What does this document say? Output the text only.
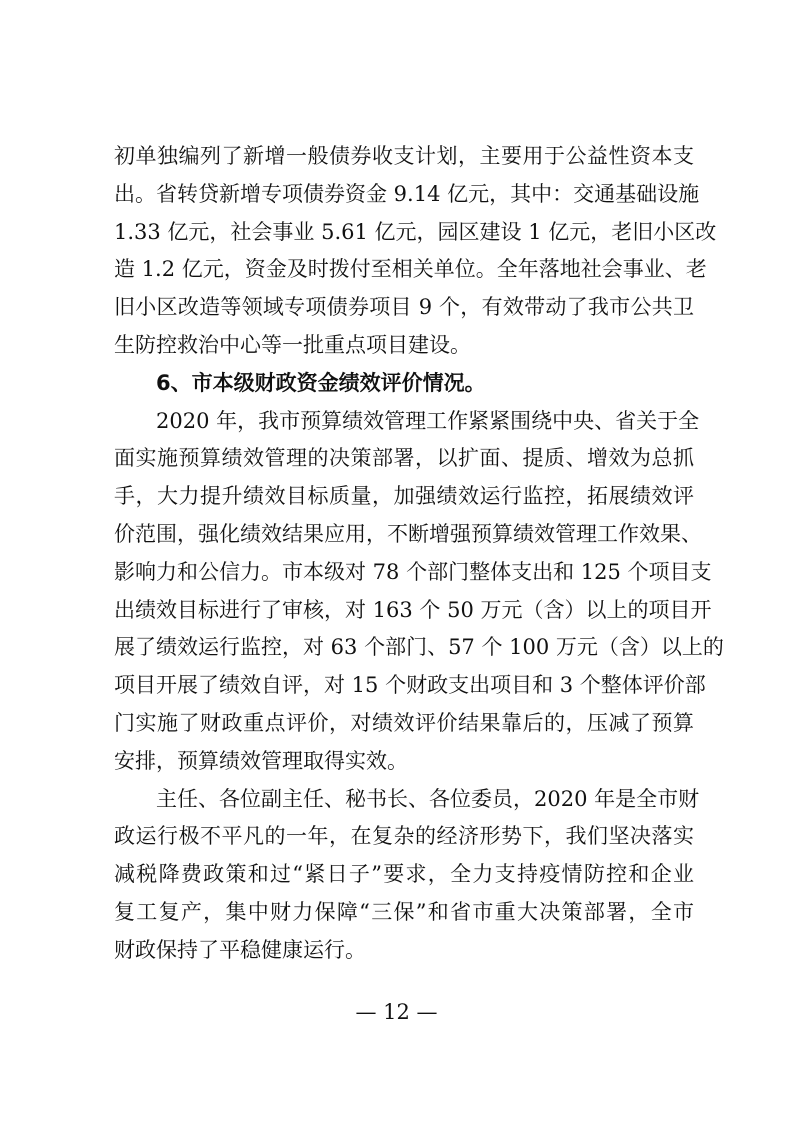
初单独编列了新增一般债券收支计划，主要用于公益性资本支
出。省转贷新增专项债券资金 9.14 亿元，其中：交通基础设施
1.33 亿元，社会事业 5.61 亿元，园区建设 1 亿元，老旧小区改
造 1.2 亿元，资金及时拨付至相关单位。全年落地社会事业、老
旧小区改造等领域专项债券项目 9 个，有效带动了我市公共卫
生防控救治中心等一批重点项目建设。
6、市本级财政资金绩效评价情况。
2020 年，我市预算绩效管理工作紧紧围绕中央、省关于全
面实施预算绩效管理的决策部署，以扩面、提质、增效为总抓
手，大力提升绩效目标质量，加强绩效运行监控，拓展绩效评
价范围，强化绩效结果应用，不断增强预算绩效管理工作效果、
影响力和公信力。市本级对 78 个部门整体支出和 125 个项目支
出绩效目标进行了审核，对 163 个 50 万元（含）以上的项目开
展了绩效运行监控，对 63 个部门、57 个 100 万元（含）以上的
项目开展了绩效自评，对 15 个财政支出项目和 3 个整体评价部
门实施了财政重点评价，对绩效评价结果靠后的，压减了预算
安排，预算绩效管理取得实效。
主任、各位副主任、秘书长、各位委员，2020 年是全市财
政运行极不平凡的一年，在复杂的经济形势下，我们坚决落实
减税降费政策和过“紧日子”要求，全力支持疫情防控和企业
复工复产，集中财力保障“三保”和省市重大决策部署，全市
财政保持了平稳健康运行。
— 12 —
